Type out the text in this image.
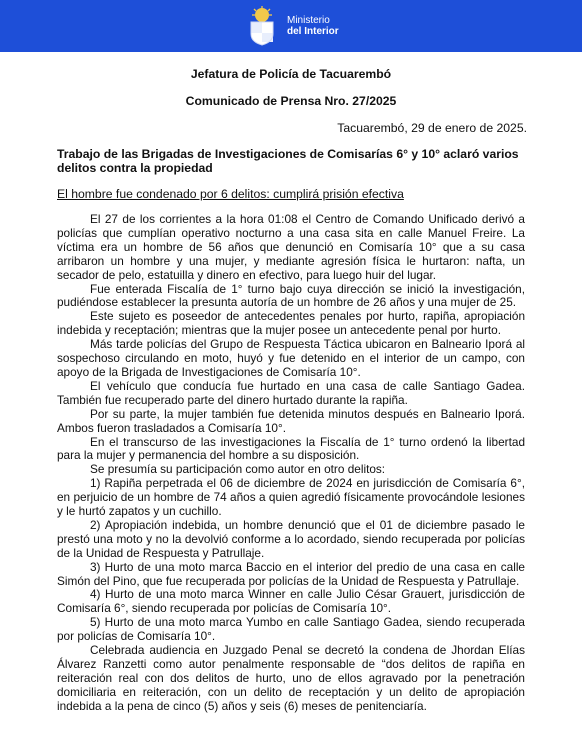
Ministerio
del Interior
Jefatura de Policía de Tacuarembó
Comunicado de Prensa Nro. 27/2025
Tacuarembó, 29 de enero de 2025.
Trabajo de las Brigadas de Investigaciones de Comisarías 6° y 10° aclaró varios delitos contra la propiedad
El hombre fue condenado por 6 delitos: cumplirá prisión efectiva

El 27 de los corrientes a la hora 01:08 el Centro de Comando Unificado derivó a policías que cumplían operativo nocturno a una casa sita en calle Manuel Freire. La víctima era un hombre de 56 años que denunció en Comisaría 10° que a su casa arribaron un hombre y una mujer, y mediante agresión física le hurtaron: nafta, un secador de pelo, estatuilla y dinero en efectivo, para luego huir del lugar.

Fue enterada Fiscalía de 1° turno bajo cuya dirección se inició la investigación, pudiéndose establecer la presunta autoría de un hombre de 26 años y una mujer de 25.

Este sujeto es poseedor de antecedentes penales por hurto, rapiña, apropiación indebida y receptación; mientras que la mujer posee un antecedente penal por hurto.

Más tarde policías del Grupo de Respuesta Táctica ubicaron en Balneario Iporá al sospechoso circulando en moto, huyó y fue detenido en el interior de un campo, con apoyo de la Brigada de Investigaciones de Comisaría 10°.

El vehículo que conducía fue hurtado en una casa de calle Santiago Gadea. También fue recuperado parte del dinero hurtado durante la rapiña.

Por su parte, la mujer también fue detenida minutos después en Balneario Iporá. Ambos fueron trasladados a Comisaría 10°.

En el transcurso de las investigaciones la Fiscalía de 1° turno ordenó la libertad para la mujer y permanencia del hombre a su disposición.

Se presumía su participación como autor en otro delitos:

1) Rapiña perpetrada el 06 de diciembre de 2024 en jurisdicción de Comisaría 6°, en perjuicio de un hombre de 74 años a quien agredió físicamente provocándole lesiones y le hurtó zapatos y un cuchillo.

2) Apropiación indebida, un hombre denunció que el 01 de diciembre pasado le prestó una moto y no la devolvió conforme a lo acordado, siendo recuperada por policías de la Unidad de Respuesta y Patrullaje.

3) Hurto de una moto marca Baccio en el interior del predio de una casa en calle Simón del Pino, que fue recuperada por policías de la Unidad de Respuesta y Patrullaje.

4) Hurto de una moto marca Winner en calle Julio César Grauert, jurisdicción de Comisaría 6°, siendo recuperada por policías de Comisaría 10°.

5) Hurto de una moto marca Yumbo en calle Santiago Gadea, siendo recuperada por policías de Comisaría 10°.

Celebrada audiencia en Juzgado Penal se decretó la condena de Jhordan Elías Álvarez Ranzetti como autor penalmente responsable de “dos delitos de rapiña en reiteración real con dos delitos de hurto, uno de ellos agravado por la penetración domiciliaria en reiteración, con un delito de receptación y un delito de apropiación indebida a la pena de cinco (5) años y seis (6) meses de penitenciaría.
